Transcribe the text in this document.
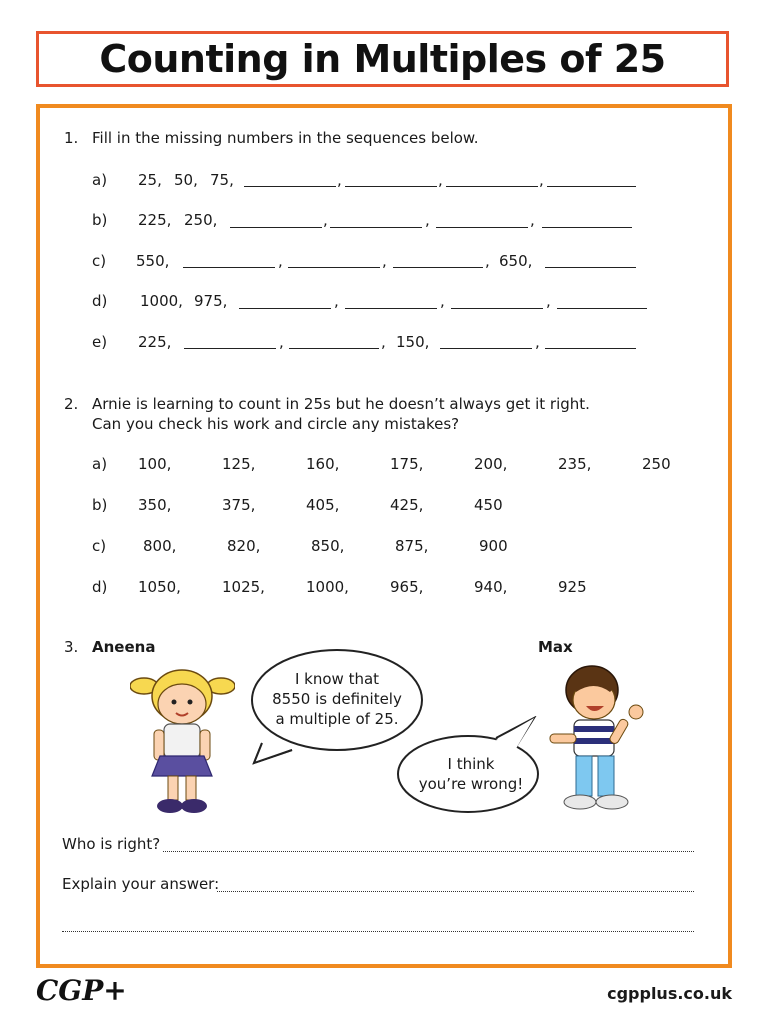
Counting in Multiples of 25
1. Fill in the missing numbers in the sequences below.
a) 25, 50, 75,	,	,	,
b) 225, 250,	,	,	,
c) 550,	,	,	, 650,
d) 1000, 975,	,	,	,
e) 225,	,	, 150,	,
2. Arnie is learning to count in 25s but he doesn’t always get it right.
Can you check his work and circle any mistakes?
a) 100,	125,	160,	175,	200,	235,	250
b) 350,	375,	405,	425,	450
c) 800,	820,	850,	875,	900
d) 1050,	1025,	1000,	965,	940,	925
3. Aneena	Max
I know that
8550 is definitely
a multiple of 25.
I think
you’re wrong!
Who is right?
Explain your answer:
CGP+	cgpplus.co.uk
